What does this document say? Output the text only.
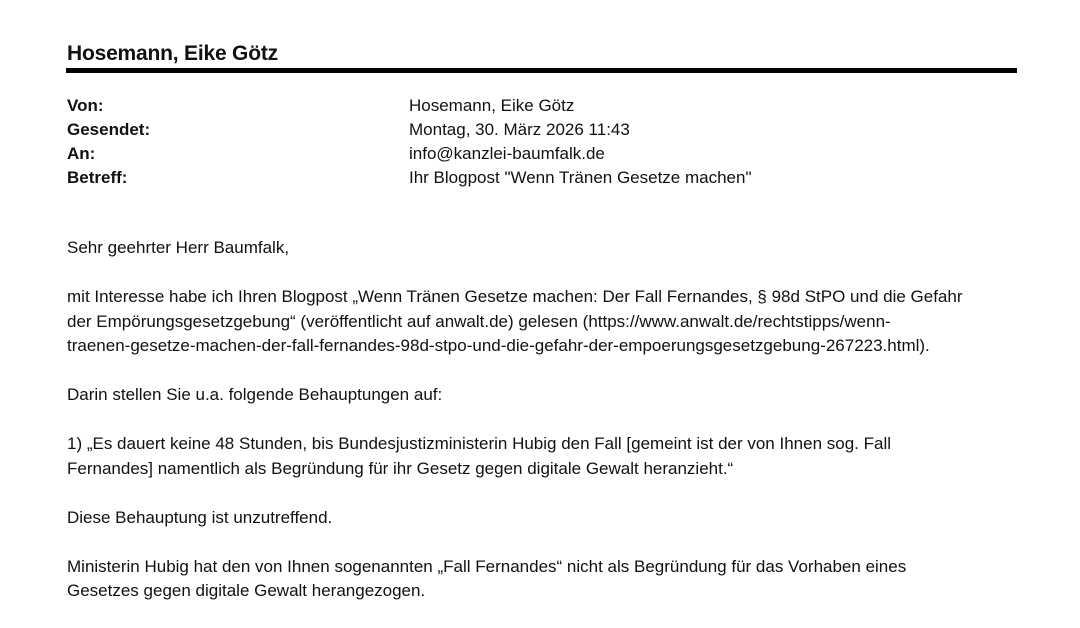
Hosemann, Eike Götz
Von:	Hosemann, Eike Götz
Gesendet:	Montag, 30. März 2026 11:43
An:	info@kanzlei-baumfalk.de
Betreff:	Ihr Blogpost "Wenn Tränen Gesetze machen"

Sehr geehrter Herr Baumfalk,

mit Interesse habe ich Ihren Blogpost „Wenn Tränen Gesetze machen: Der Fall Fernandes, § 98d StPO und die Gefahr
der Empörungsgesetzgebung“ (veröffentlicht auf anwalt.de) gelesen (https://www.anwalt.de/rechtstipps/wenn-
traenen-gesetze-machen-der-fall-fernandes-98d-stpo-und-die-gefahr-der-empoerungsgesetzgebung-267223.html).

Darin stellen Sie u.a. folgende Behauptungen auf:

1) „Es dauert keine 48 Stunden, bis Bundesjustizministerin Hubig den Fall [gemeint ist der von Ihnen sog. Fall
Fernandes] namentlich als Begründung für ihr Gesetz gegen digitale Gewalt heranzieht.“

Diese Behauptung ist unzutreffend.

Ministerin Hubig hat den von Ihnen sogenannten „Fall Fernandes“ nicht als Begründung für das Vorhaben eines
Gesetzes gegen digitale Gewalt herangezogen.
